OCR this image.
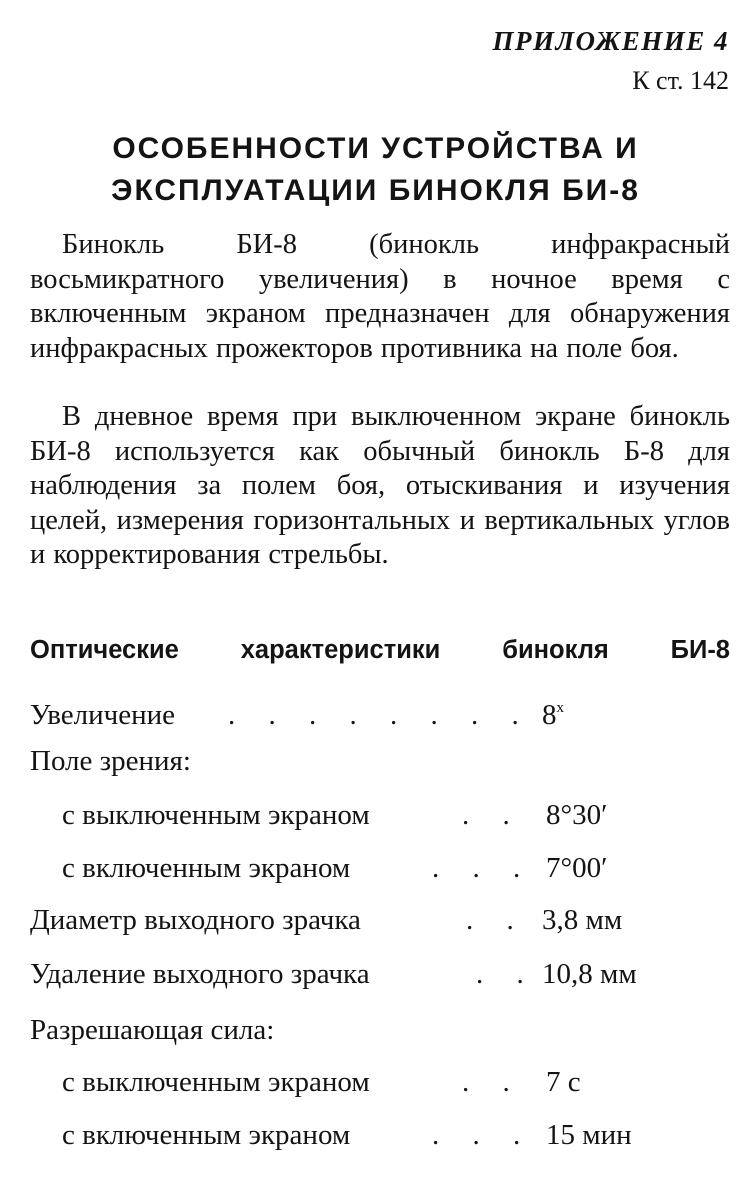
ПРИЛОЖЕНИЕ 4
К ст. 142
ОСОБЕННОСТИ УСТРОЙСТВА И
ЭКСПЛУАТАЦИИ БИНОКЛЯ БИ-8

Бинокль БИ-8 (бинокль инфракрасный восьмикратного увеличения) в ночное время с включенным экраном предназначен для обнаружения инфракрасных прожекторов противника на поле боя.

В дневное время при выключенном экране бинокль БИ-8 используется как обычный бинокль Б-8 для наблюдения за полем боя, отыскивания и изучения целей, измерения горизонтальных и вертикальных углов и корректирования стрельбы.

Оптические характеристики бинокля БИ-8
Увеличение . . . . . . . . $8^х$
Поле зрения:
с выключенным экраном	. . 8°30′
с включенным экраном	. . . 7°00′
Диаметр выходного зрачка	. . 3,8 мм
Удаление выходного зрачка	. . 10,8 мм
Разрешающая сила:
с выключенным экраном	. . 7 с
с включенным экраном	. . . 15 мин
